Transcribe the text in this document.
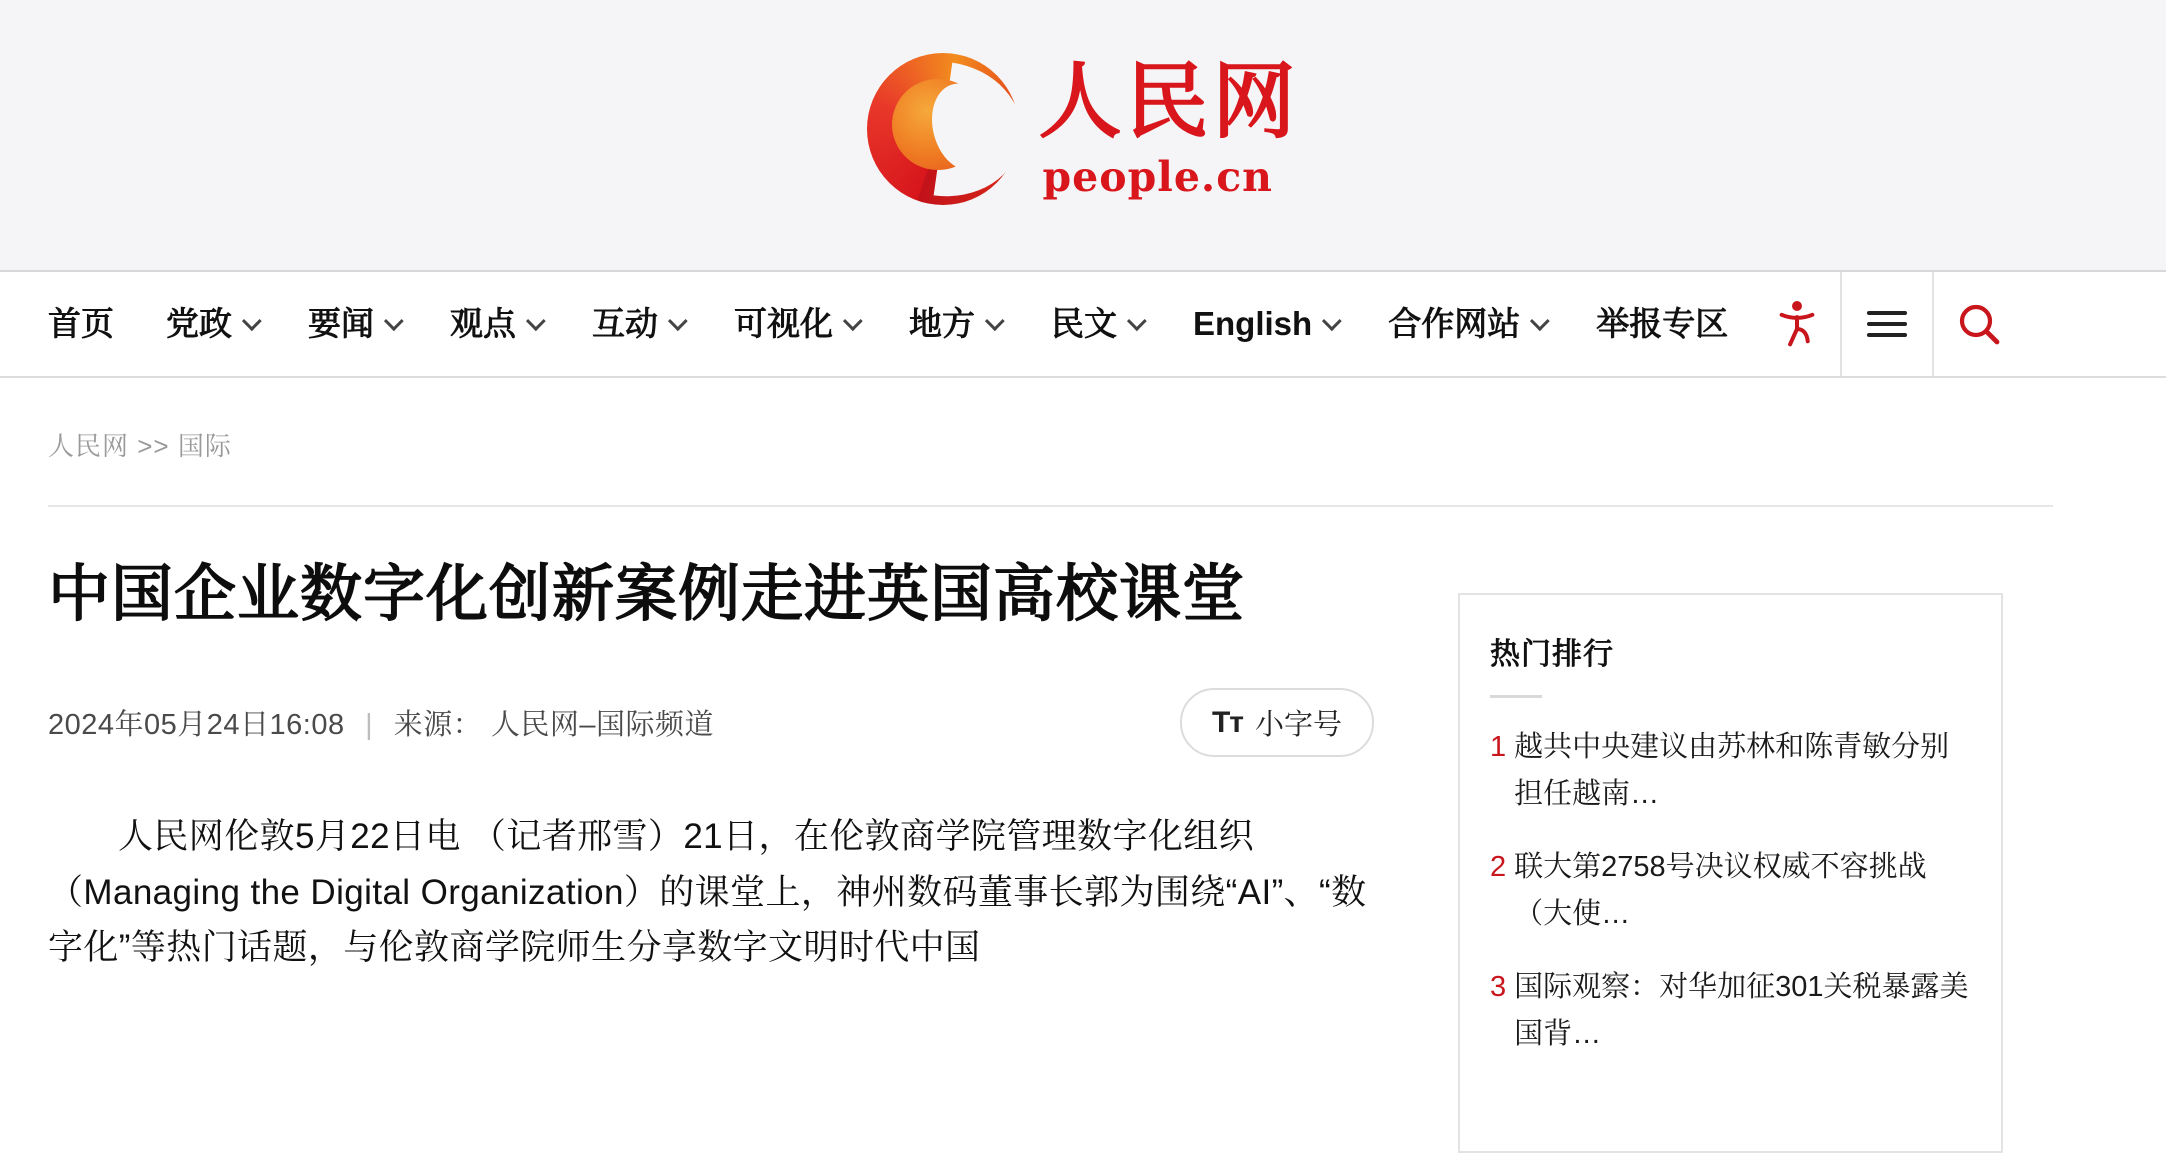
人民网
people.cn
首页 党政 要闻 观点 互动 可视化 地方 民文 English 合作网站 举报专区
人民网 >> 国际
中国企业数字化创新案例走进英国高校课堂
2024年05月24日16:08 | 来源： 人民网–国际频道	Tт 小字号

人民网伦敦5月22日电 （记者邢雪）21日，在伦敦商学院管理数字化组织（Managing the Digital Organization）的课堂上，神州数码董事长郭为围绕“AI”、“数字化”等热门话题，与伦敦商学院师生分享数字文明时代中国

热门排行
1 越共中央建议由苏林和陈青敏分别担任越南…
2 联大第2758号决议权威不容挑战（大使…
3 国际观察：对华加征301关税暴露美国背…
